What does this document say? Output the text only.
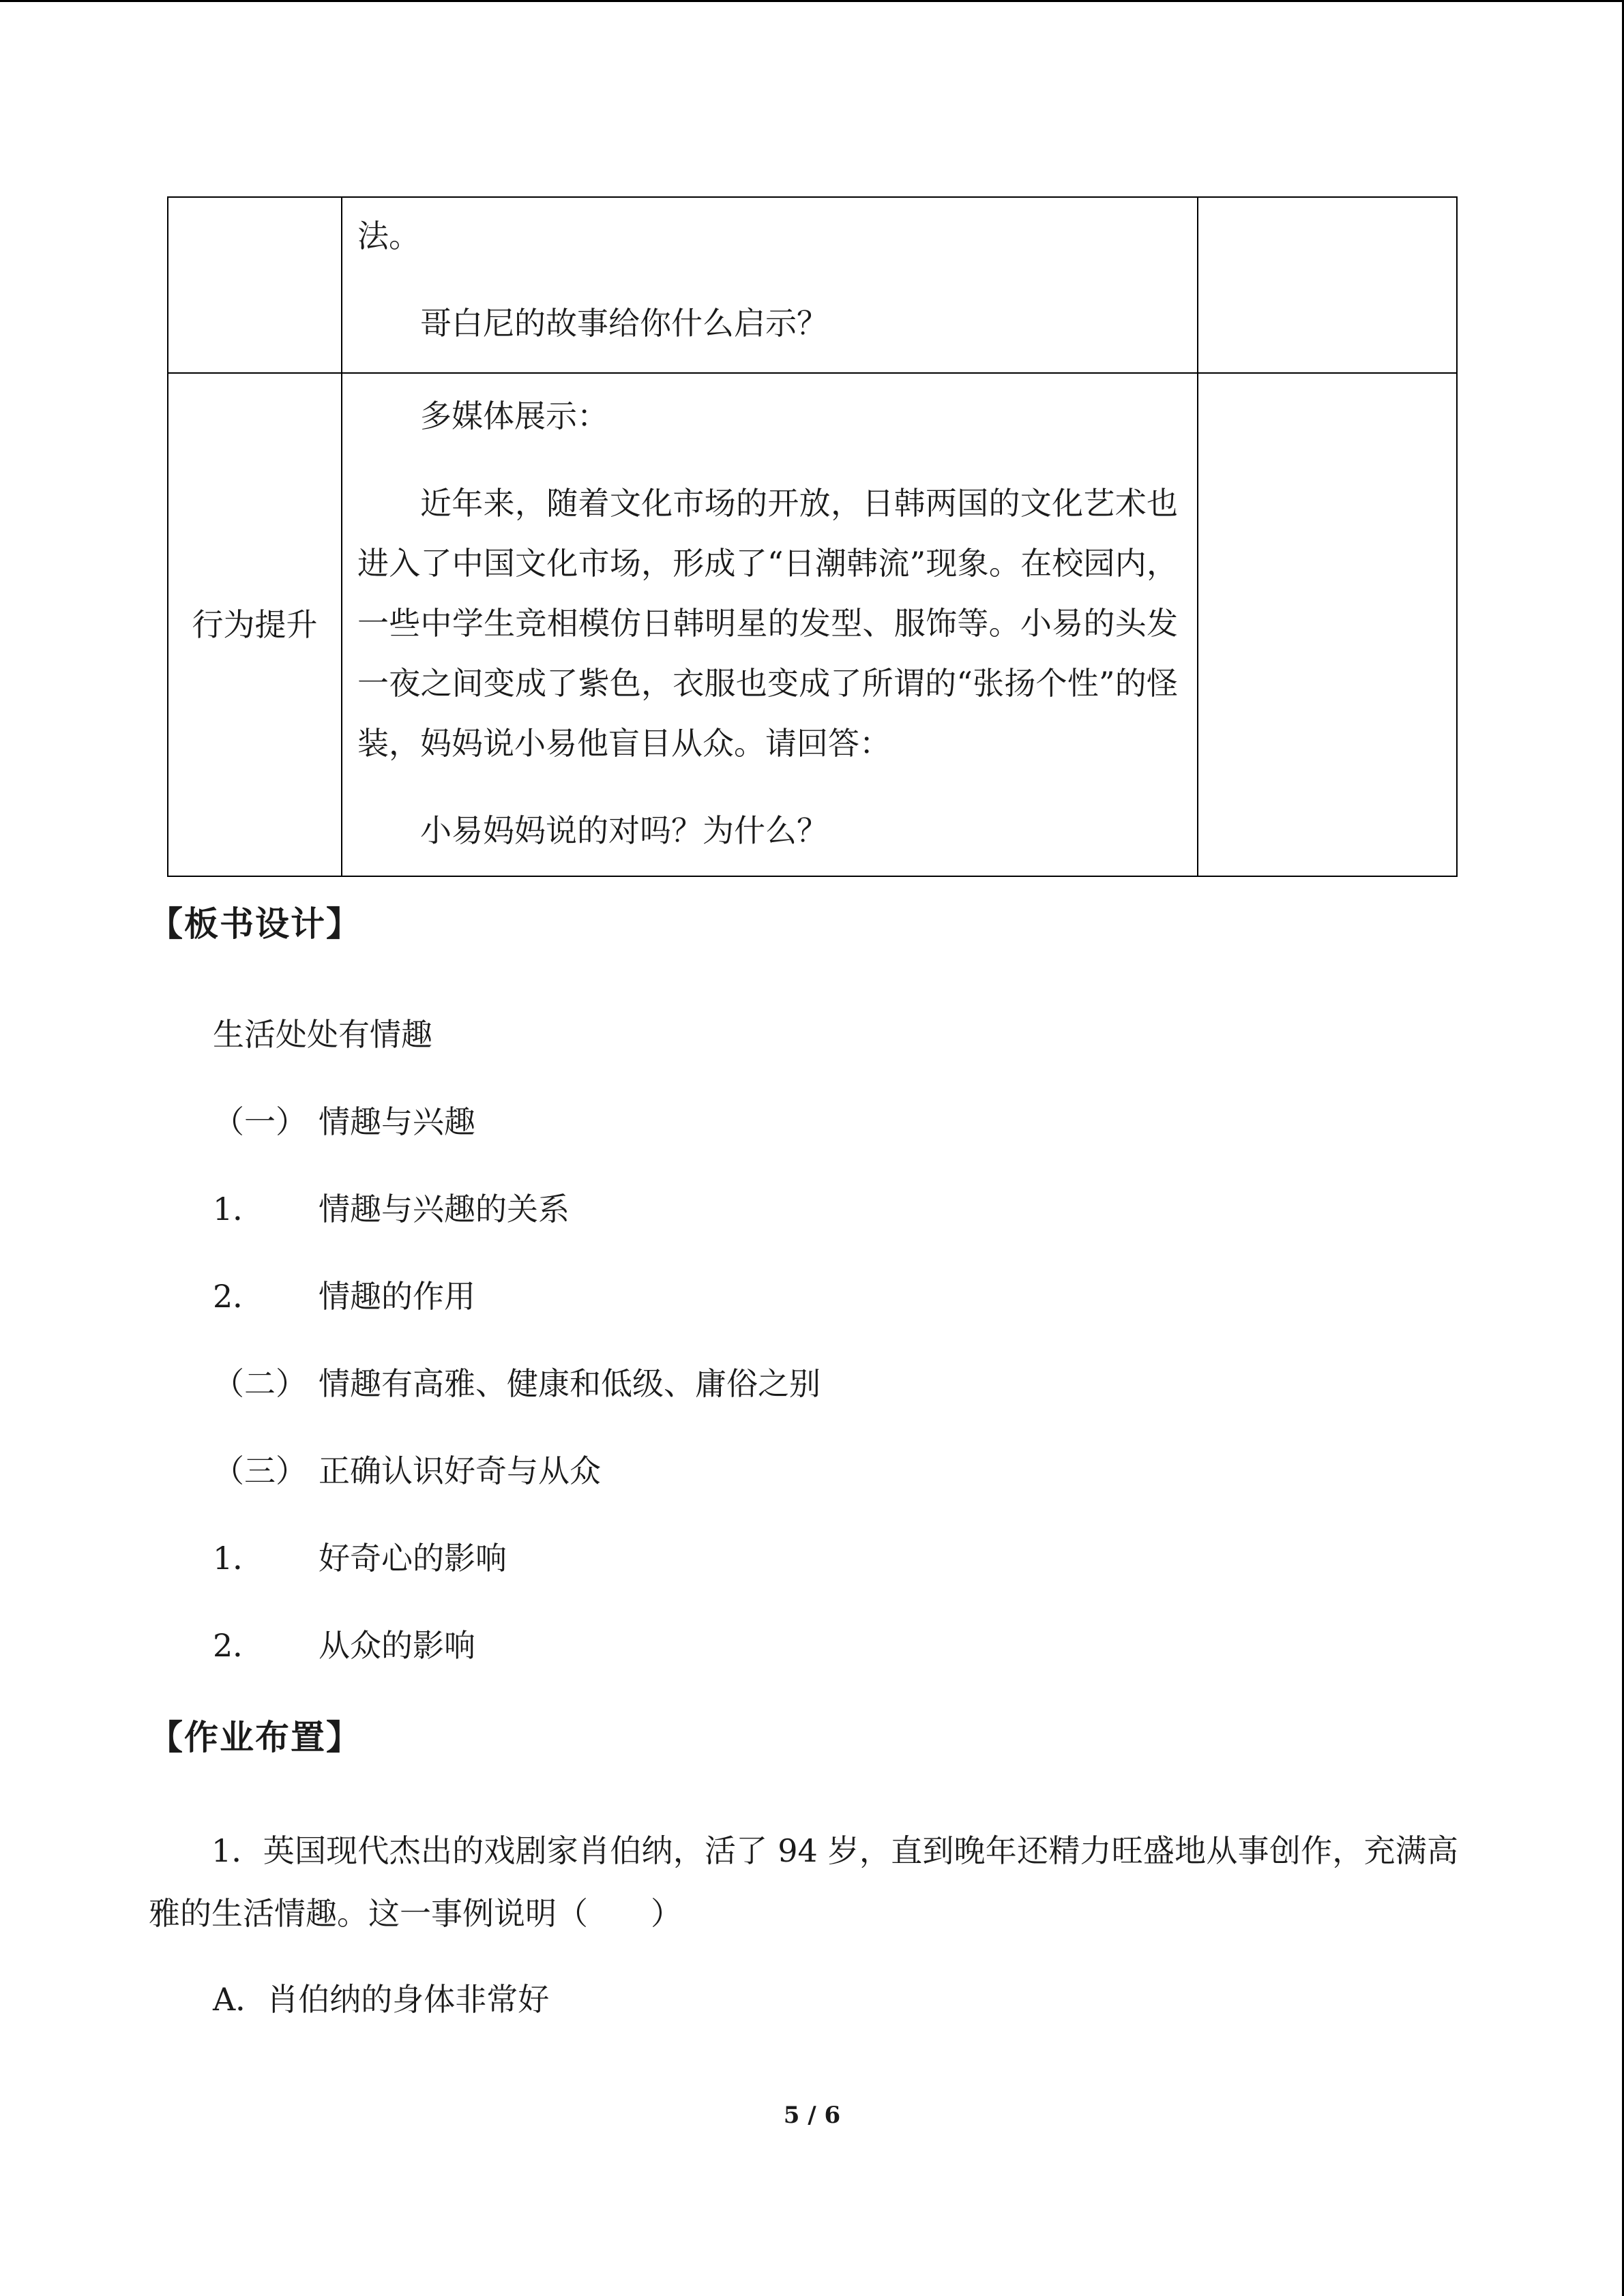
	法。

哥白尼的故事给你什么启示？	

行为提升	多媒体展示：

近年来，随着文化市场的开放，日韩两国的文化艺术也进入了中国文化市场，形成了“日潮韩流”现象。在校园内，一些中学生竞相模仿日韩明星的发型、服饰等。小易的头发一夜之间变成了紫色，衣服也变成了所谓的“张扬个性”的怪装，妈妈说小易他盲目从众。请回答：

小易妈妈说的对吗？为什么？	

【板书设计】
生活处处有情趣
（一） 情趣与兴趣
1． 情趣与兴趣的关系
2． 情趣的作用
（二） 情趣有高雅、健康和低级、庸俗之别
（三） 正确认识好奇与从众
1． 好奇心的影响
2． 从众的影响
【作业布置】
1．英国现代杰出的戏剧家肖伯纳，活了 94 岁，直到晚年还精力旺盛地从事创作，充满高雅的生活情趣。这一事例说明（　　）
A．肖伯纳的身体非常好
5 / 6
